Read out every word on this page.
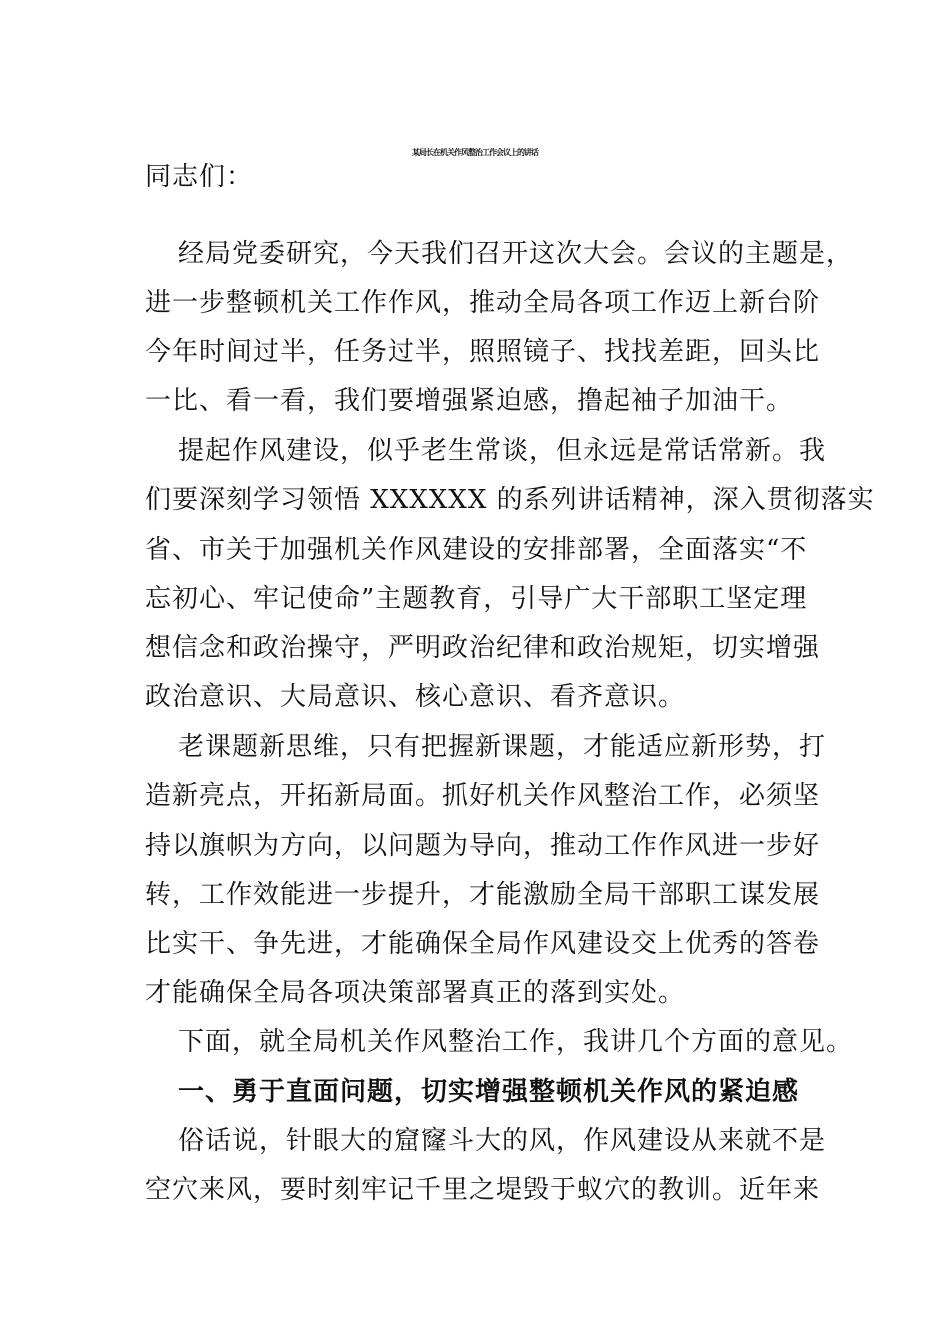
某局长在机关作风整治工作会议上的讲话
同志们：
经局党委研究，今天我们召开这次大会。会议的主题是，
进一步整顿机关工作作风，推动全局各项工作迈上新台阶
今年时间过半，任务过半，照照镜子、找找差距，回头比
一比、看一看，我们要增强紧迫感，撸起袖子加油干。
提起作风建设，似乎老生常谈，但永远是常话常新。我
们要深刻学习领悟 XXXXXX 的系列讲话精神，深入贯彻落实
省、市关于加强机关作风建设的安排部署，全面落实“不
忘初心、牢记使命”主题教育，引导广大干部职工坚定理
想信念和政治操守，严明政治纪律和政治规矩，切实增强
政治意识、大局意识、核心意识、看齐意识。
老课题新思维，只有把握新课题，才能适应新形势，打
造新亮点，开拓新局面。抓好机关作风整治工作，必须坚
持以旗帜为方向，以问题为导向，推动工作作风进一步好
转，工作效能进一步提升，才能激励全局干部职工谋发展
比实干、争先进，才能确保全局作风建设交上优秀的答卷
才能确保全局各项决策部署真正的落到实处。
下面，就全局机关作风整治工作，我讲几个方面的意见。
一、勇于直面问题，切实增强整顿机关作风的紧迫感
俗话说，针眼大的窟窿斗大的风，作风建设从来就不是
空穴来风，要时刻牢记千里之堤毁于蚁穴的教训。近年来
